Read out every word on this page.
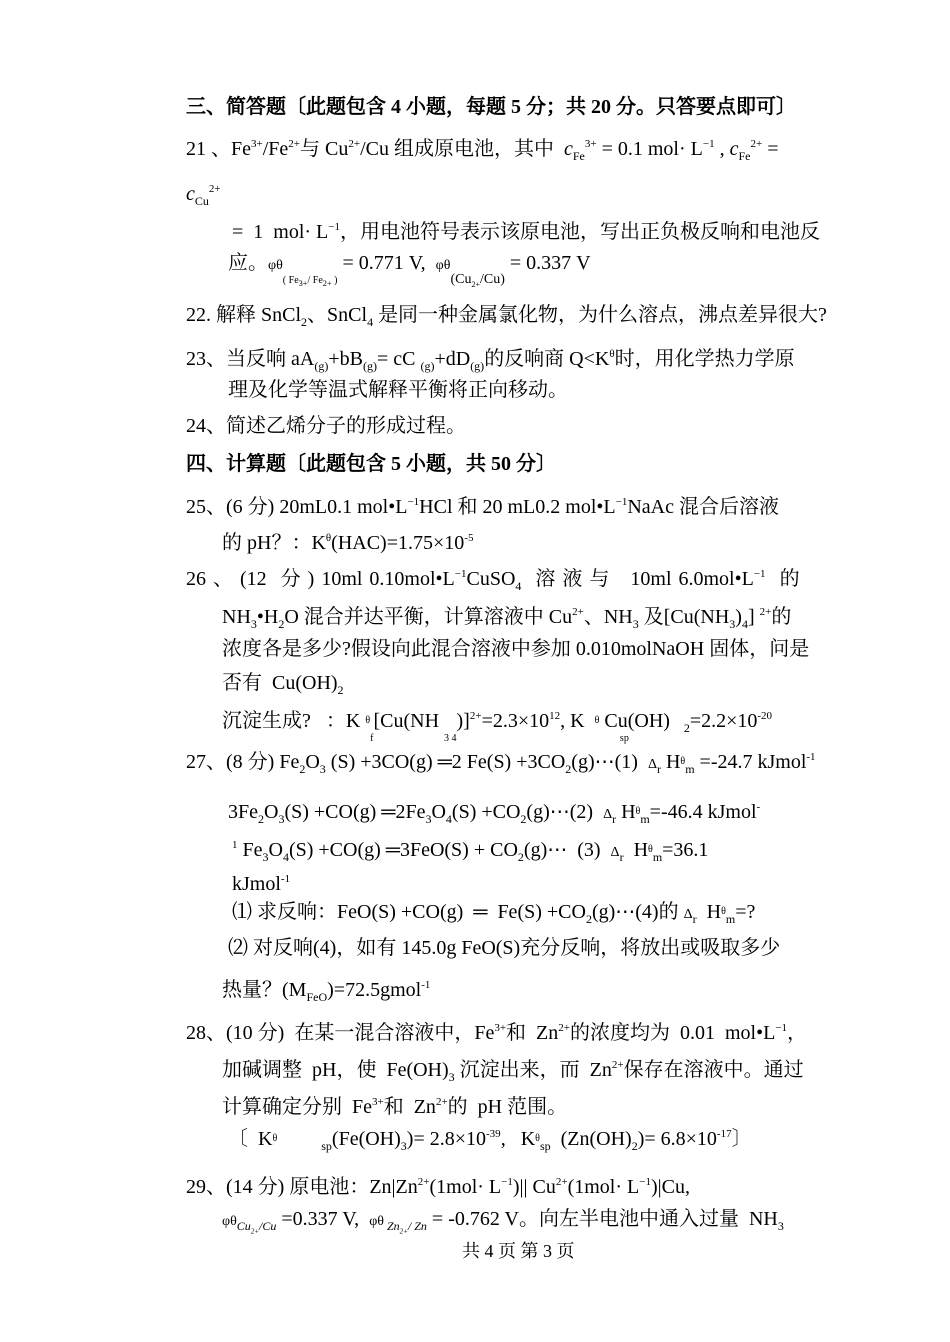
三、简答题〔此题包含 4 小题，每题 5 分；共 20 分。只答要点即可〕
21 、$Fe^{3+}/Fe^{2+}$与 $Cu^{2+}/Cu$ 组成原电池，其中  $c_{Fe}^{3+} = 0.1$ $mol\cdot L^{-1}$ , $c_{Fe}^{2+}$ =
$c_{Cu}^{2+}$
=  1  $mol\cdot L^{-1}$，用电池符号表示该原电池，写出正负极反响和电池反
应。$\varphi\theta_{( Fe_{3+}/ Fe_{2+} )} = 0.771$ V,  $\varphi\theta_{(Cu_{2+}/Cu)} = 0.337$ V
22. 解释 SnCl$_2$、SnCl$_4$ 是同一种金属氯化物，为什么溶点，沸点差异很大?
23、当反响 $aA_{(g)}+bB_{(g)}=$ cC $_{(g)}+dD_{(g)}$的反响商 $Q<K^\theta$时，用化学热力学原
理及化学等温式解释平衡将正向移动。
24、简述乙烯分子的形成过程。
四、计算题〔此题包含 5 小题，共 50 分〕
25、(6 分) 20mL0.1 $mol•L^{-1}HCl$ 和 20 mL0.2 $mol•L^{-1}NaAc$ 混合后溶液
的 pH？：$K^\theta(HAC)=1.75\times 10^{-5}$
26 、 (12  分 ) 10ml $0.10mol•L^{-1}CuSO_4$  溶 液 与   10ml $6.0mol•L^{-1}$  的
$NH_3•H_2O$ 混合并达平衡，计算溶液中 $Cu^{2+}$、$NH_3$ 及$[Cu(NH_3)_4]$ $^{2+}$的
浓度各是多少?假设向此混合溶液中参加 0.010molNaOH 固体，问是
否有  $Cu(OH)_2$
沉淀生成?   ：K $^\theta_f$[Cu(NH $_{3 4})]^{2+}=2.3\times 10^{12}$, K  $^\theta$ $Cu(OH)_{sp}$           $_2=2.2\times 10^{-20}$
27、(8 分) $Fe_2O_3$ (S) +3CO(g) ═2 $Fe(S) +3CO_2(g)\cdots(1)$  $\Delta_r$ $H^\theta_m =-24.7$ kJmol$^{-1}$
$3Fe_2O_3(S) +CO(g)$ $═2Fe_3O_4(S)$ $+CO_2(g)\cdots(2)$  $\Delta_r$ $H^\theta_m=-46.4$ kJmol-
$^1$ $Fe_3O_4(S) +CO(g)$ ═3FeO(S) + $CO_2(g)\cdots$  (3)  $\Delta_r$  $H^\theta_m=36.1$
kJmol$^{-1}$
⑴ 求反响：FeO(S) +CO(g)  ═  $Fe(S) +CO_2(g)\cdots(4)$的 $\Delta_r$  $H^\theta_m=$?
⑵ 对反响(4)，如有 145.0g FeO(S)充分反响，将放出或吸取多少
热量？$(M_{FeO})=72.5gmol^{-1}$
28、(10 分)  在某一混合溶液中，$Fe^{3+}$和  $Zn^{2+}$的浓度均为  0.01  $mol•L^{-1}$，
加碱调整  pH，使  $Fe(OH)_3$ 沉淀出来，而  $Zn^{2+}$保存在溶液中。通过
计算确定分别  $Fe^{3+}$和  $Zn^{2+}$的  pH 范围。
〔  $K^\theta$          $_{sp}(Fe(OH)_3)= 2.8\times 10^{-39}$,   $K^\theta_{sp}$  $(Zn(OH)_2)= 6.8\times 10^{-17}$〕
29、(14 分) 原电池：$Zn|Zn^{2+}(1mol\cdot L^{-1})||$ $Cu^{2+}(1mol\cdot L^{-1})|Cu$,
$\varphi\theta_{Cu_{2+}/Cu} =0.337$ V,  φθ $_{Zn_{2+}/ Zn}$ = -0.762 V。向左半电池中通入过量  $NH_3$
共 4 页 第 3 页
